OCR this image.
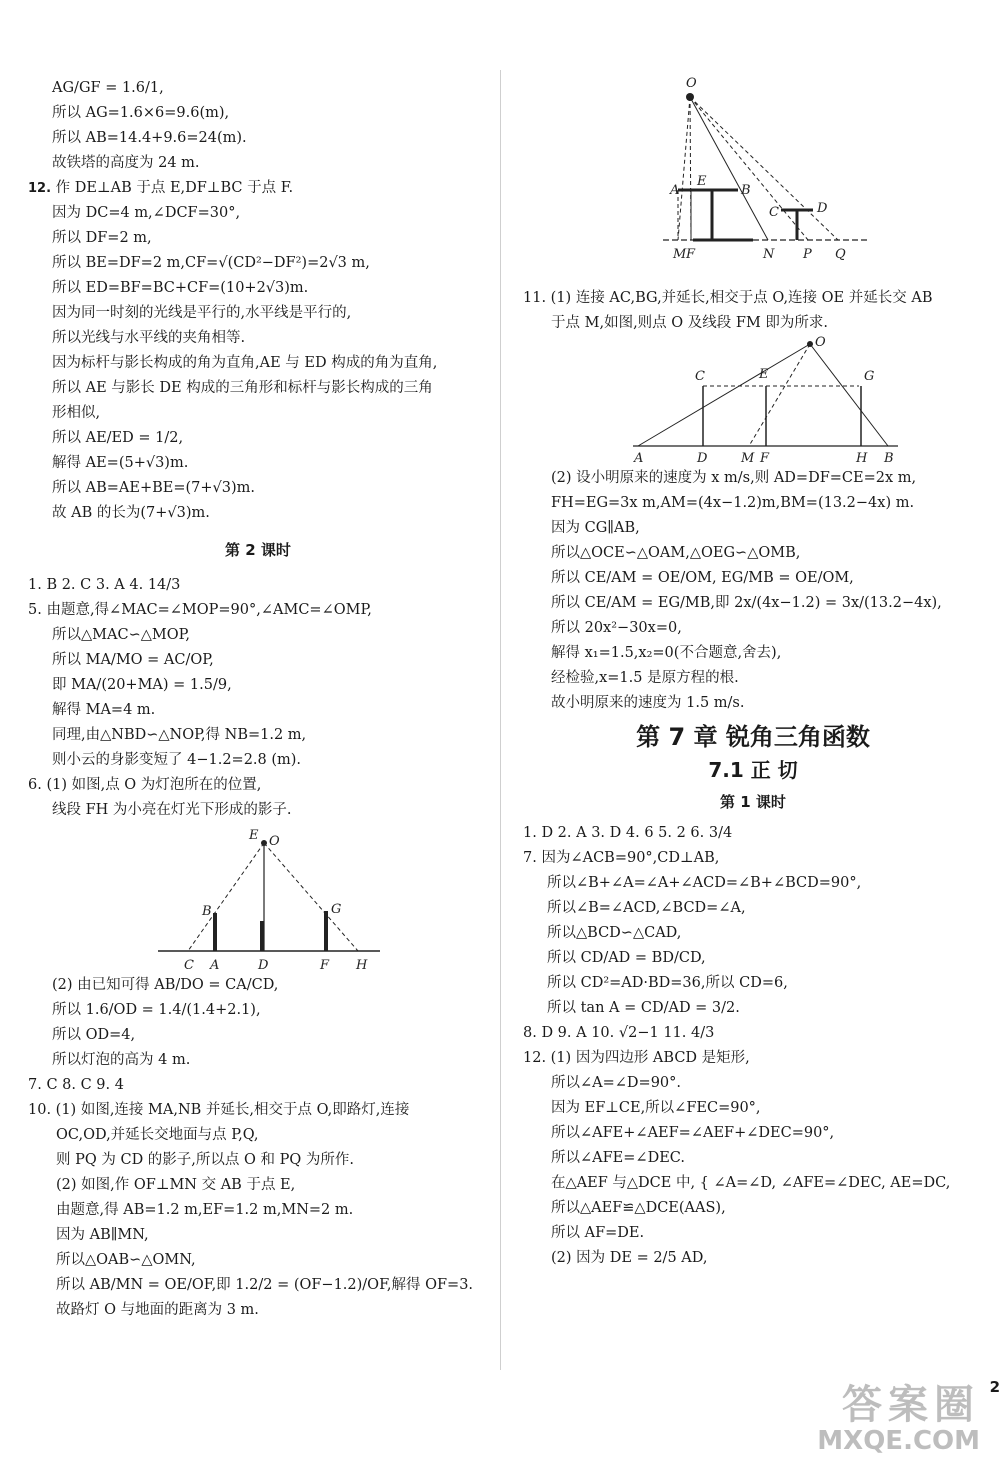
AG/GF = 1.6/1,
所以 AG=1.6×6=9.6(m),
所以 AB=14.4+9.6=24(m).
故铁塔的高度为 24 m.
12. 作 DE⊥AB 于点 E,DF⊥BC 于点 F.
因为 DC=4 m,∠DCF=30°,
所以 DF=2 m,
所以 BE=DF=2 m,CF=√(CD²−DF²)=2√3 m,
所以 ED=BF=BC+CF=(10+2√3)m.
因为同一时刻的光线是平行的,水平线是平行的,
所以光线与水平线的夹角相等.
因为标杆与影长构成的角为直角,AE 与 ED 构成的角为直角,
所以 AE 与影长 DE 构成的三角形和标杆与影长构成的三角
形相似,
所以 AE/ED = 1/2,
解得 AE=(5+√3)m.
所以 AB=AE+BE=(7+√3)m.
故 AB 的长为(7+√3)m.
第 2 课时
1. B 2. C 3. A 4. 14/3
5. 由题意,得∠MAC=∠MOP=90°,∠AMC=∠OMP,
所以△MAC∽△MOP,
所以 MA/MO = AC/OP,
即 MA/(20+MA) = 1.5/9,
解得 MA=4 m.
同理,由△NBD∽△NOP,得 NB=1.2 m,
则小云的身影变短了 4−1.2=2.8 (m).
6. (1) 如图,点 O 为灯泡所在的位置,
线段 FH 为小亮在灯光下形成的影子.
E O
B	G
C A	D	F H
(2) 由已知可得 AB/DO = CA/CD,
所以 1.6/OD = 1.4/(1.4+2.1),
所以 OD=4,
所以灯泡的高为 4 m.
7. C 8. C 9. 4
10. (1) 如图,连接 MA,NB 并延长,相交于点 O,即路灯,连接
OC,OD,并延长交地面与点 P,Q,
则 PQ 为 CD 的影子,所以点 O 和 PQ 为所作.
(2) 如图,作 OF⊥MN 交 AB 于点 E,
由题意,得 AB=1.2 m,EF=1.2 m,MN=2 m.
因为 AB∥MN,
所以△OAB∽△OMN,
所以 AB/MN = OE/OF,即 1.2/2 = (OF−1.2)/OF,解得 OF=3.
故路灯 O 与地面的距离为 3 m.
O
A
E
B
C	D
M F	N P Q
11. (1) 连接 AC,BG,并延长,相交于点 O,连接 OE 并延长交 AB
于点 M,如图,则点 O 及线段 FM 即为所求.
O
C	E	G
A	D	M F	H B
(2) 设小明原来的速度为 x m/s,则 AD=DF=CE=2x m,
FH=EG=3x m,AM=(4x−1.2)m,BM=(13.2−4x) m.
因为 CG∥AB,
所以△OCE∽△OAM,△OEG∽△OMB,
所以 CE/AM = OE/OM, EG/MB = OE/OM,
所以 CE/AM = EG/MB,即 2x/(4x−1.2) = 3x/(13.2−4x),
所以 20x²−30x=0,
解得 x₁=1.5,x₂=0(不合题意,舍去),
经检验,x=1.5 是原方程的根.
故小明原来的速度为 1.5 m/s.
第 7 章 锐角三角函数
7.1 正 切
第 1 课时
1. D 2. A 3. D 4. 6 5. 2 6. 3/4
7. 因为∠ACB=90°,CD⊥AB,
所以∠B+∠A=∠A+∠ACD=∠B+∠BCD=90°,
所以∠B=∠ACD,∠BCD=∠A,
所以△BCD∽△CAD,
所以 CD/AD = BD/CD,
所以 CD²=AD·BD=36,所以 CD=6,
所以 tan A = CD/AD = 3/2.
8. D 9. A 10. √2−1 11. 4/3
12. (1) 因为四边形 ABCD 是矩形,
所以∠A=∠D=90°.
因为 EF⊥CE,所以∠FEC=90°,
所以∠AFE+∠AEF=∠AEF+∠DEC=90°,
所以∠AFE=∠DEC.
在△AEF 与△DCE 中, { ∠A=∠D, ∠AFE=∠DEC, AE=DC,
所以△AEF≌△DCE(AAS),
所以 AF=DE.
(2) 因为 DE = 2/5 AD,
2
答案圈
MXQE.COM
